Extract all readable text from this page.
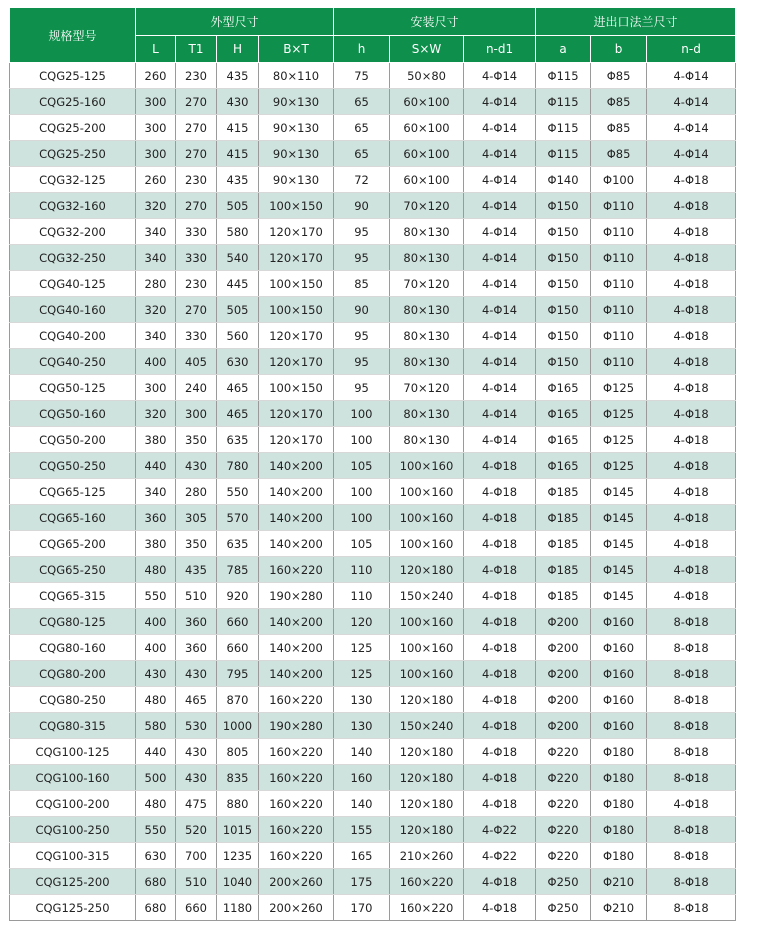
规格型号	外型尺寸				安装尺寸			进出口法兰尺寸		
	L	T1	H	B×T	h	S×W	n-d1	a	b	n-d
CQG25-125	260	230	435	80×110	75	50×80	4-Φ14	Φ115	Φ85	4-Φ14
CQG25-160	300	270	430	90×130	65	60×100	4-Φ14	Φ115	Φ85	4-Φ14
CQG25-200	300	270	415	90×130	65	60×100	4-Φ14	Φ115	Φ85	4-Φ14
CQG25-250	300	270	415	90×130	65	60×100	4-Φ14	Φ115	Φ85	4-Φ14
CQG32-125	260	230	435	90×130	72	60×100	4-Φ14	Φ140	Φ100	4-Φ18
CQG32-160	320	270	505	100×150	90	70×120	4-Φ14	Φ150	Φ110	4-Φ18
CQG32-200	340	330	580	120×170	95	80×130	4-Φ14	Φ150	Φ110	4-Φ18
CQG32-250	340	330	540	120×170	95	80×130	4-Φ14	Φ150	Φ110	4-Φ18
CQG40-125	280	230	445	100×150	85	70×120	4-Φ14	Φ150	Φ110	4-Φ18
CQG40-160	320	270	505	100×150	90	80×130	4-Φ14	Φ150	Φ110	4-Φ18
CQG40-200	340	330	560	120×170	95	80×130	4-Φ14	Φ150	Φ110	4-Φ18
CQG40-250	400	405	630	120×170	95	80×130	4-Φ14	Φ150	Φ110	4-Φ18
CQG50-125	300	240	465	100×150	95	70×120	4-Φ14	Φ165	Φ125	4-Φ18
CQG50-160	320	300	465	120×170	100	80×130	4-Φ14	Φ165	Φ125	4-Φ18
CQG50-200	380	350	635	120×170	100	80×130	4-Φ14	Φ165	Φ125	4-Φ18
CQG50-250	440	430	780	140×200	105	100×160	4-Φ18	Φ165	Φ125	4-Φ18
CQG65-125	340	280	550	140×200	100	100×160	4-Φ18	Φ185	Φ145	4-Φ18
CQG65-160	360	305	570	140×200	100	100×160	4-Φ18	Φ185	Φ145	4-Φ18
CQG65-200	380	350	635	140×200	105	100×160	4-Φ18	Φ185	Φ145	4-Φ18
CQG65-250	480	435	785	160×220	110	120×180	4-Φ18	Φ185	Φ145	4-Φ18
CQG65-315	550	510	920	190×280	110	150×240	4-Φ18	Φ185	Φ145	4-Φ18
CQG80-125	400	360	660	140×200	120	100×160	4-Φ18	Φ200	Φ160	8-Φ18
CQG80-160	400	360	660	140×200	125	100×160	4-Φ18	Φ200	Φ160	8-Φ18
CQG80-200	430	430	795	140×200	125	100×160	4-Φ18	Φ200	Φ160	8-Φ18
CQG80-250	480	465	870	160×220	130	120×180	4-Φ18	Φ200	Φ160	8-Φ18
CQG80-315	580	530	1000	190×280	130	150×240	4-Φ18	Φ200	Φ160	8-Φ18
CQG100-125	440	430	805	160×220	140	120×180	4-Φ18	Φ220	Φ180	8-Φ18
CQG100-160	500	430	835	160×220	160	120×180	4-Φ18	Φ220	Φ180	8-Φ18
CQG100-200	480	475	880	160×220	140	120×180	4-Φ18	Φ220	Φ180	4-Φ18
CQG100-250	550	520	1015	160×220	155	120×180	4-Φ22	Φ220	Φ180	8-Φ18
CQG100-315	630	700	1235	160×220	165	210×260	4-Φ22	Φ220	Φ180	8-Φ18
CQG125-200	680	510	1040	200×260	175	160×220	4-Φ18	Φ250	Φ210	8-Φ18
CQG125-250	680	660	1180	200×260	170	160×220	4-Φ18	Φ250	Φ210	8-Φ18
